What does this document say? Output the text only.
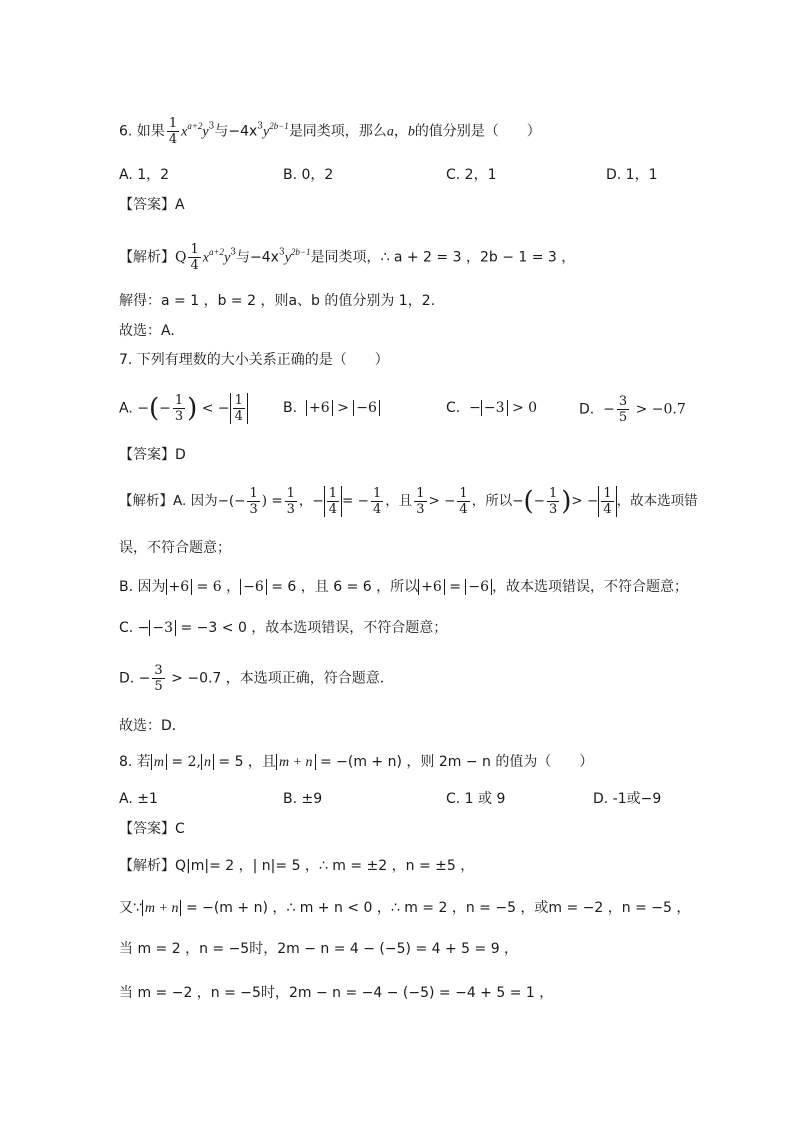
6. 如果 $\frac{1}{4} x^{a+2}y^3$与$-4x^3y^{2b-1}$是同类项，那么a，b的值分别是（　　）
A. 1，2	B. 0，2	C. 2，1	D. 1，1
【答案】A
【解析】Q $\frac{1}{4} x^{a+2}y^3$与$-4x^3y^{2b-1}$是同类项，∴ a + 2 = 3 ，2b − 1 = 3 ，
解得：a = 1 ，b = 2 ，则a、b 的值分别为 1，2.
故选：A.
7. 下列有理数的大小关系正确的是（　　）
A. −(− $\frac{1}{3}$ ) < − $\frac{1}{4}$	B. +6 > −6	C. − −3 > 0	D. − $\frac{3}{5} > -0.7$
【答案】D
【解析】A. 因为−(− $\frac{1}{3}$ ) = $\frac{1}{3}$ ，− $\frac{1}{4}$ = − $\frac{1}{4}$ ，且 $\frac{1}{3}$ > − $\frac{1}{4}$ ，所以−(− $\frac{1}{3}$ )> − $\frac{1}{4}$ ，故本选项错
误，不符合题意；
B. 因为 +6 = 6 ， −6 = 6 ，且 6 = 6 ，所以 +6 = −6 ，故本选项错误，不符合题意；
C. − −3 = −3 < 0 ，故本选项错误，不符合题意；
D. − $\frac{3}{5} > -0.7$ ，本选项正确，符合题意．
故选：D．
8. 若 m = 2, n = 5 ，且 m + n = −(m + n) ，则 2m − n 的值为（　　）
A. ±1	B. ±9	C. 1 或 9	D. -1或−9
【答案】C
【解析】Q|m|= 2 ，| n|= 5 ，∴ m = ±2 ，n = ±5 ，
又∵ m + n = −(m + n) ，∴ m + n < 0 ，∴ m = 2 ，n = −5 ，或m = −2 ，n = −5 ，
当 m = 2 ，n = −5时，2m − n = 4 − (−5) = 4 + 5 = 9 ，
当 m = −2 ，n = −5时，2m − n = −4 − (−5) = −4 + 5 = 1 ，
